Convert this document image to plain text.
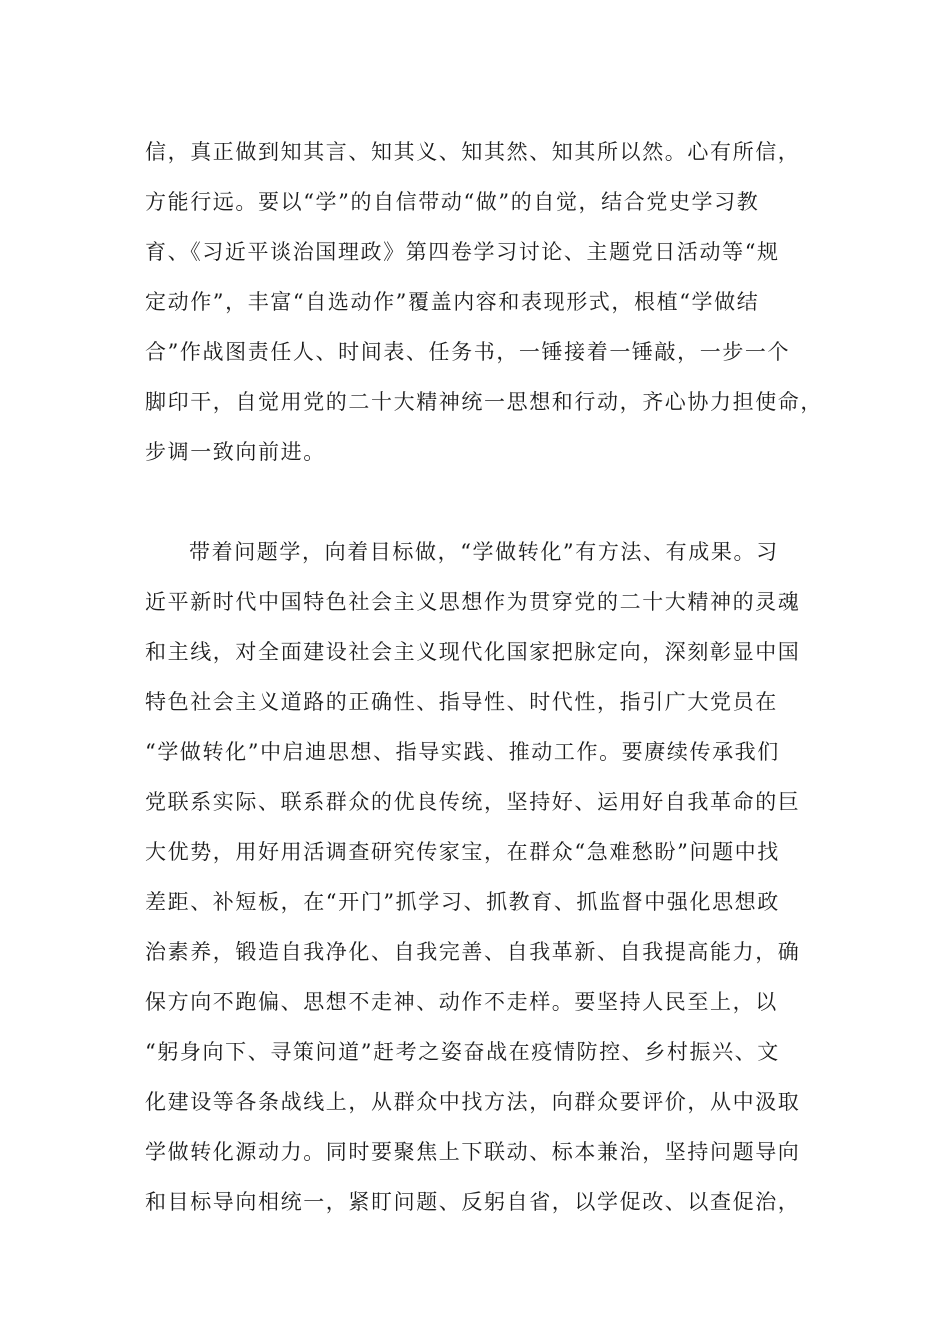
信，真正做到知其言、知其义、知其然、知其所以然。心有所信，

方能行远。要以“学”的自信带动“做”的自觉，结合党史学习教

育、《习近平谈治国理政》第四卷学习讨论、主题党日活动等“规

定动作”，丰富“自选动作”覆盖内容和表现形式，根植“学做结

合”作战图责任人、时间表、任务书，一锤接着一锤敲，一步一个

脚印干，自觉用党的二十大精神统一思想和行动，齐心协力担使命，

步调一致向前进。

带着问题学，向着目标做，“学做转化”有方法、有成果。习

近平新时代中国特色社会主义思想作为贯穿党的二十大精神的灵魂

和主线，对全面建设社会主义现代化国家把脉定向，深刻彰显中国

特色社会主义道路的正确性、指导性、时代性，指引广大党员在

“学做转化”中启迪思想、指导实践、推动工作。要赓续传承我们

党联系实际、联系群众的优良传统，坚持好、运用好自我革命的巨

大优势，用好用活调查研究传家宝，在群众“急难愁盼”问题中找

差距、补短板，在“开门”抓学习、抓教育、抓监督中强化思想政

治素养，锻造自我净化、自我完善、自我革新、自我提高能力，确

保方向不跑偏、思想不走神、动作不走样。要坚持人民至上，以

“躬身向下、寻策问道”赶考之姿奋战在疫情防控、乡村振兴、文

化建设等各条战线上，从群众中找方法，向群众要评价，从中汲取

学做转化源动力。同时要聚焦上下联动、标本兼治，坚持问题导向

和目标导向相统一，紧盯问题、反躬自省，以学促改、以查促治，
